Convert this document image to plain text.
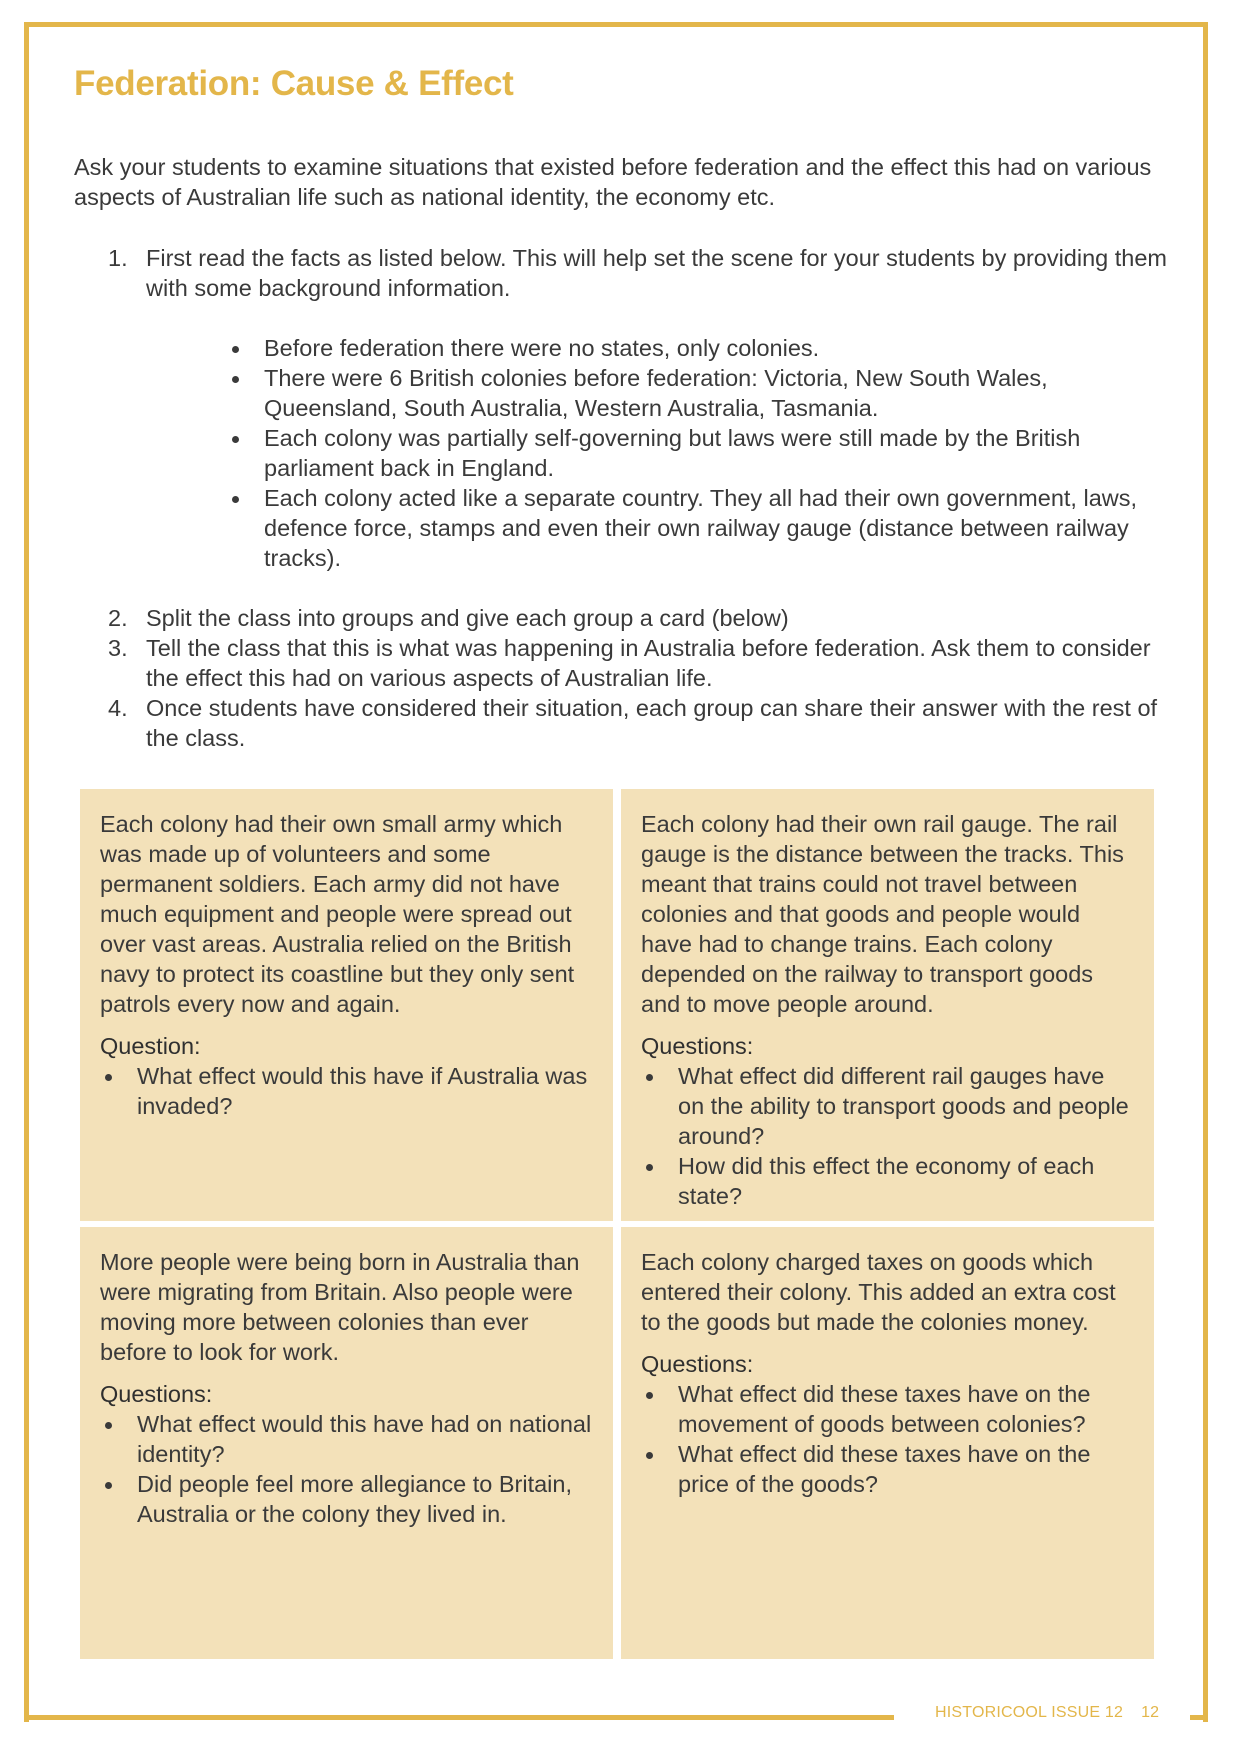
Federation: Cause & Effect

Ask your students to examine situations that existed before federation and the effect this had on various aspects of Australian life such as national identity, the economy etc.

1. First read the facts as listed below. This will help set the scene for your students by providing them with some background information.
Before federation there were no states, only colonies.
There were 6 British colonies before federation: Victoria, New South Wales, Queensland, South Australia, Western Australia, Tasmania.
Each colony was partially self-governing but laws were still made by the British parliament back in England.
Each colony acted like a separate country. They all had their own government, laws, defence force, stamps and even their own railway gauge (distance between railway tracks).
2. Split the class into groups and give each group a card (below)
3. Tell the class that this is what was happening in Australia before federation. Ask them to consider the effect this had on various aspects of Australian life.
4. Once students have considered their situation, each group can share their answer with the rest of the class.

Each colony had their own small army which was made up of volunteers and some permanent soldiers. Each army did not have much equipment and people were spread out over vast areas. Australia relied on the British navy to protect its coastline but they only sent patrols every now and again.

Question:

What effect would this have if Australia was invaded?

Each colony had their own rail gauge. The rail gauge is the distance between the tracks. This meant that trains could not travel between colonies and that goods and people would have had to change trains. Each colony depended on the railway to transport goods and to move people around.

Questions:

What effect did different rail gauges have on the ability to transport goods and people around?
How did this effect the economy of each state?

More people were being born in Australia than were migrating from Britain. Also people were moving more between colonies than ever before to look for work.

Questions:

What effect would this have had on national identity?
Did people feel more allegiance to Britain, Australia or the colony they lived in.

Each colony charged taxes on goods which entered their colony. This added an extra cost to the goods but made the colonies money.

Questions:

What effect did these taxes have on the movement of goods between colonies?
What effect did these taxes have on the price of the goods?
HISTORICOOL ISSUE 12 12
